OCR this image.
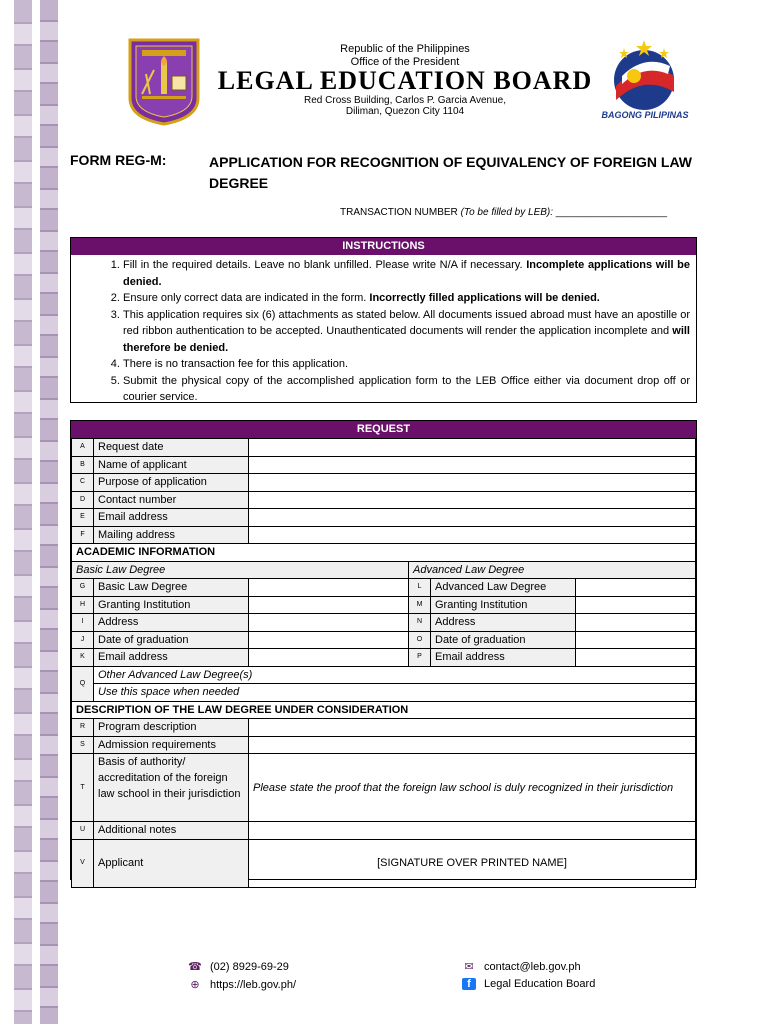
Republic of the Philippines
Office of the President
LEGAL EDUCATION BOARD
Red Cross Building, Carlos P. Garcia Avenue,
Diliman, Quezon City 1104	BAGONG PILIPINAS
FORM REG-M:	APPLICATION FOR RECOGNITION OF EQUIVALENCY OF FOREIGN LAW DEGREE
TRANSACTION NUMBER (To be filled by LEB): ____________________
INSTRUCTIONS
1. Fill in the required details. Leave no blank unfilled. Please write N/A if necessary. Incomplete applications will be denied.
2. Ensure only correct data are indicated in the form. Incorrectly filled applications will be denied.
3. This application requires six (6) attachments as stated below. All documents issued abroad must have an apostille or red ribbon authentication to be accepted. Unauthenticated documents will render the application incomplete and will therefore be denied.
4. There is no transaction fee for this application.
5. Submit the physical copy of the accomplished application form to the LEB Office either via document drop off or courier service.
REQUEST
A	Request date				
B	Name of applicant				
C	Purpose of application				
D	Contact number				
E	Email address				
F	Mailing address				
ACADEMIC INFORMATION					
Basic Law Degree			Advanced Law Degree		
G	Basic Law Degree		L	Advanced Law Degree	
H	Granting Institution		M	Granting Institution	
I	Address		N	Address	
J	Date of graduation		O	Date of graduation	
K	Email address		P	Email address	
Q	Other Advanced Law Degree(s)				
	Use this space when needed				
DESCRIPTION OF THE LAW DEGREE UNDER CONSIDERATION					
R	Program description				
S	Admission requirements				
T	Basis of authority/ accreditation of the foreign law school in their jurisdiction	Please state the proof that the foreign law school is duly recognized in their jurisdiction			
U	Additional notes				
V	Applicant	[SIGNATURE OVER PRINTED NAME]			
☎ (02) 8929-69-29
⊕ https://leb.gov.ph/
✉ contact@leb.gov.ph
f Legal Education Board
